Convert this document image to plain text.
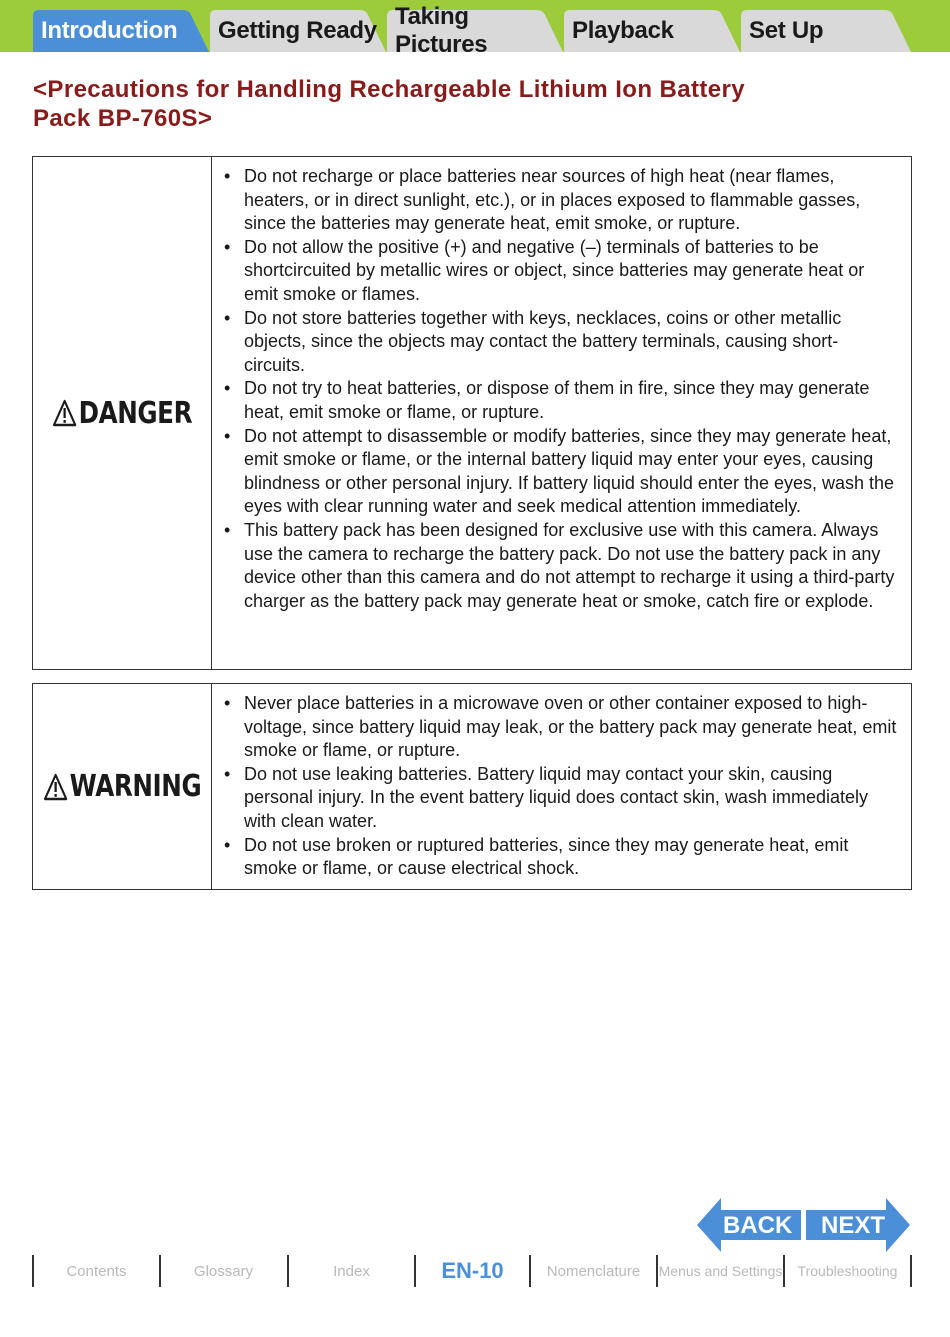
Introduction Getting Ready
Taking Pictures
Playback	Set Up
<Precautions for Handling Rechargeable Lithium Ion Battery
Pack BP-760S>
DANGER
• Do not recharge or place batteries near sources of high heat (near flames, heaters, or in direct sunlight, etc.), or in places exposed to flammable gasses, since the batteries may generate heat, emit smoke, or rupture.
• Do not allow the positive (+) and negative (–) terminals of batteries to be shortcircuited by metallic wires or object, since batteries may generate heat or emit smoke or flames.
• Do not store batteries together with keys, necklaces, coins or other metallic objects, since the objects may contact the battery terminals, causing short-circuits.
• Do not try to heat batteries, or dispose of them in fire, since they may generate heat, emit smoke or flame, or rupture.
• Do not attempt to disassemble or modify batteries, since they may generate heat, emit smoke or flame, or the internal battery liquid may enter your eyes, causing blindness or other personal injury. If battery liquid should enter the eyes, wash the eyes with clear running water and seek medical attention immediately.
• This battery pack has been designed for exclusive use with this camera. Always use the camera to recharge the battery pack. Do not use the battery pack in any device other than this camera and do not attempt to recharge it using a third-party charger as the battery pack may generate heat or smoke, catch fire or explode.
WARNING
• Never place batteries in a microwave oven or other container exposed to high-voltage, since battery liquid may leak, or the battery pack may generate heat, emit smoke or flame, or rupture.
• Do not use leaking batteries. Battery liquid may contact your skin, causing personal injury. In the event battery liquid does contact skin, wash immediately with clean water.
• Do not use broken or ruptured batteries, since they may generate heat, emit smoke or flame, or cause electrical shock.
BACK NEXT
Contents	Glossary	Index	EN-10	Nomenclature	Menus and Settings	Troubleshooting
